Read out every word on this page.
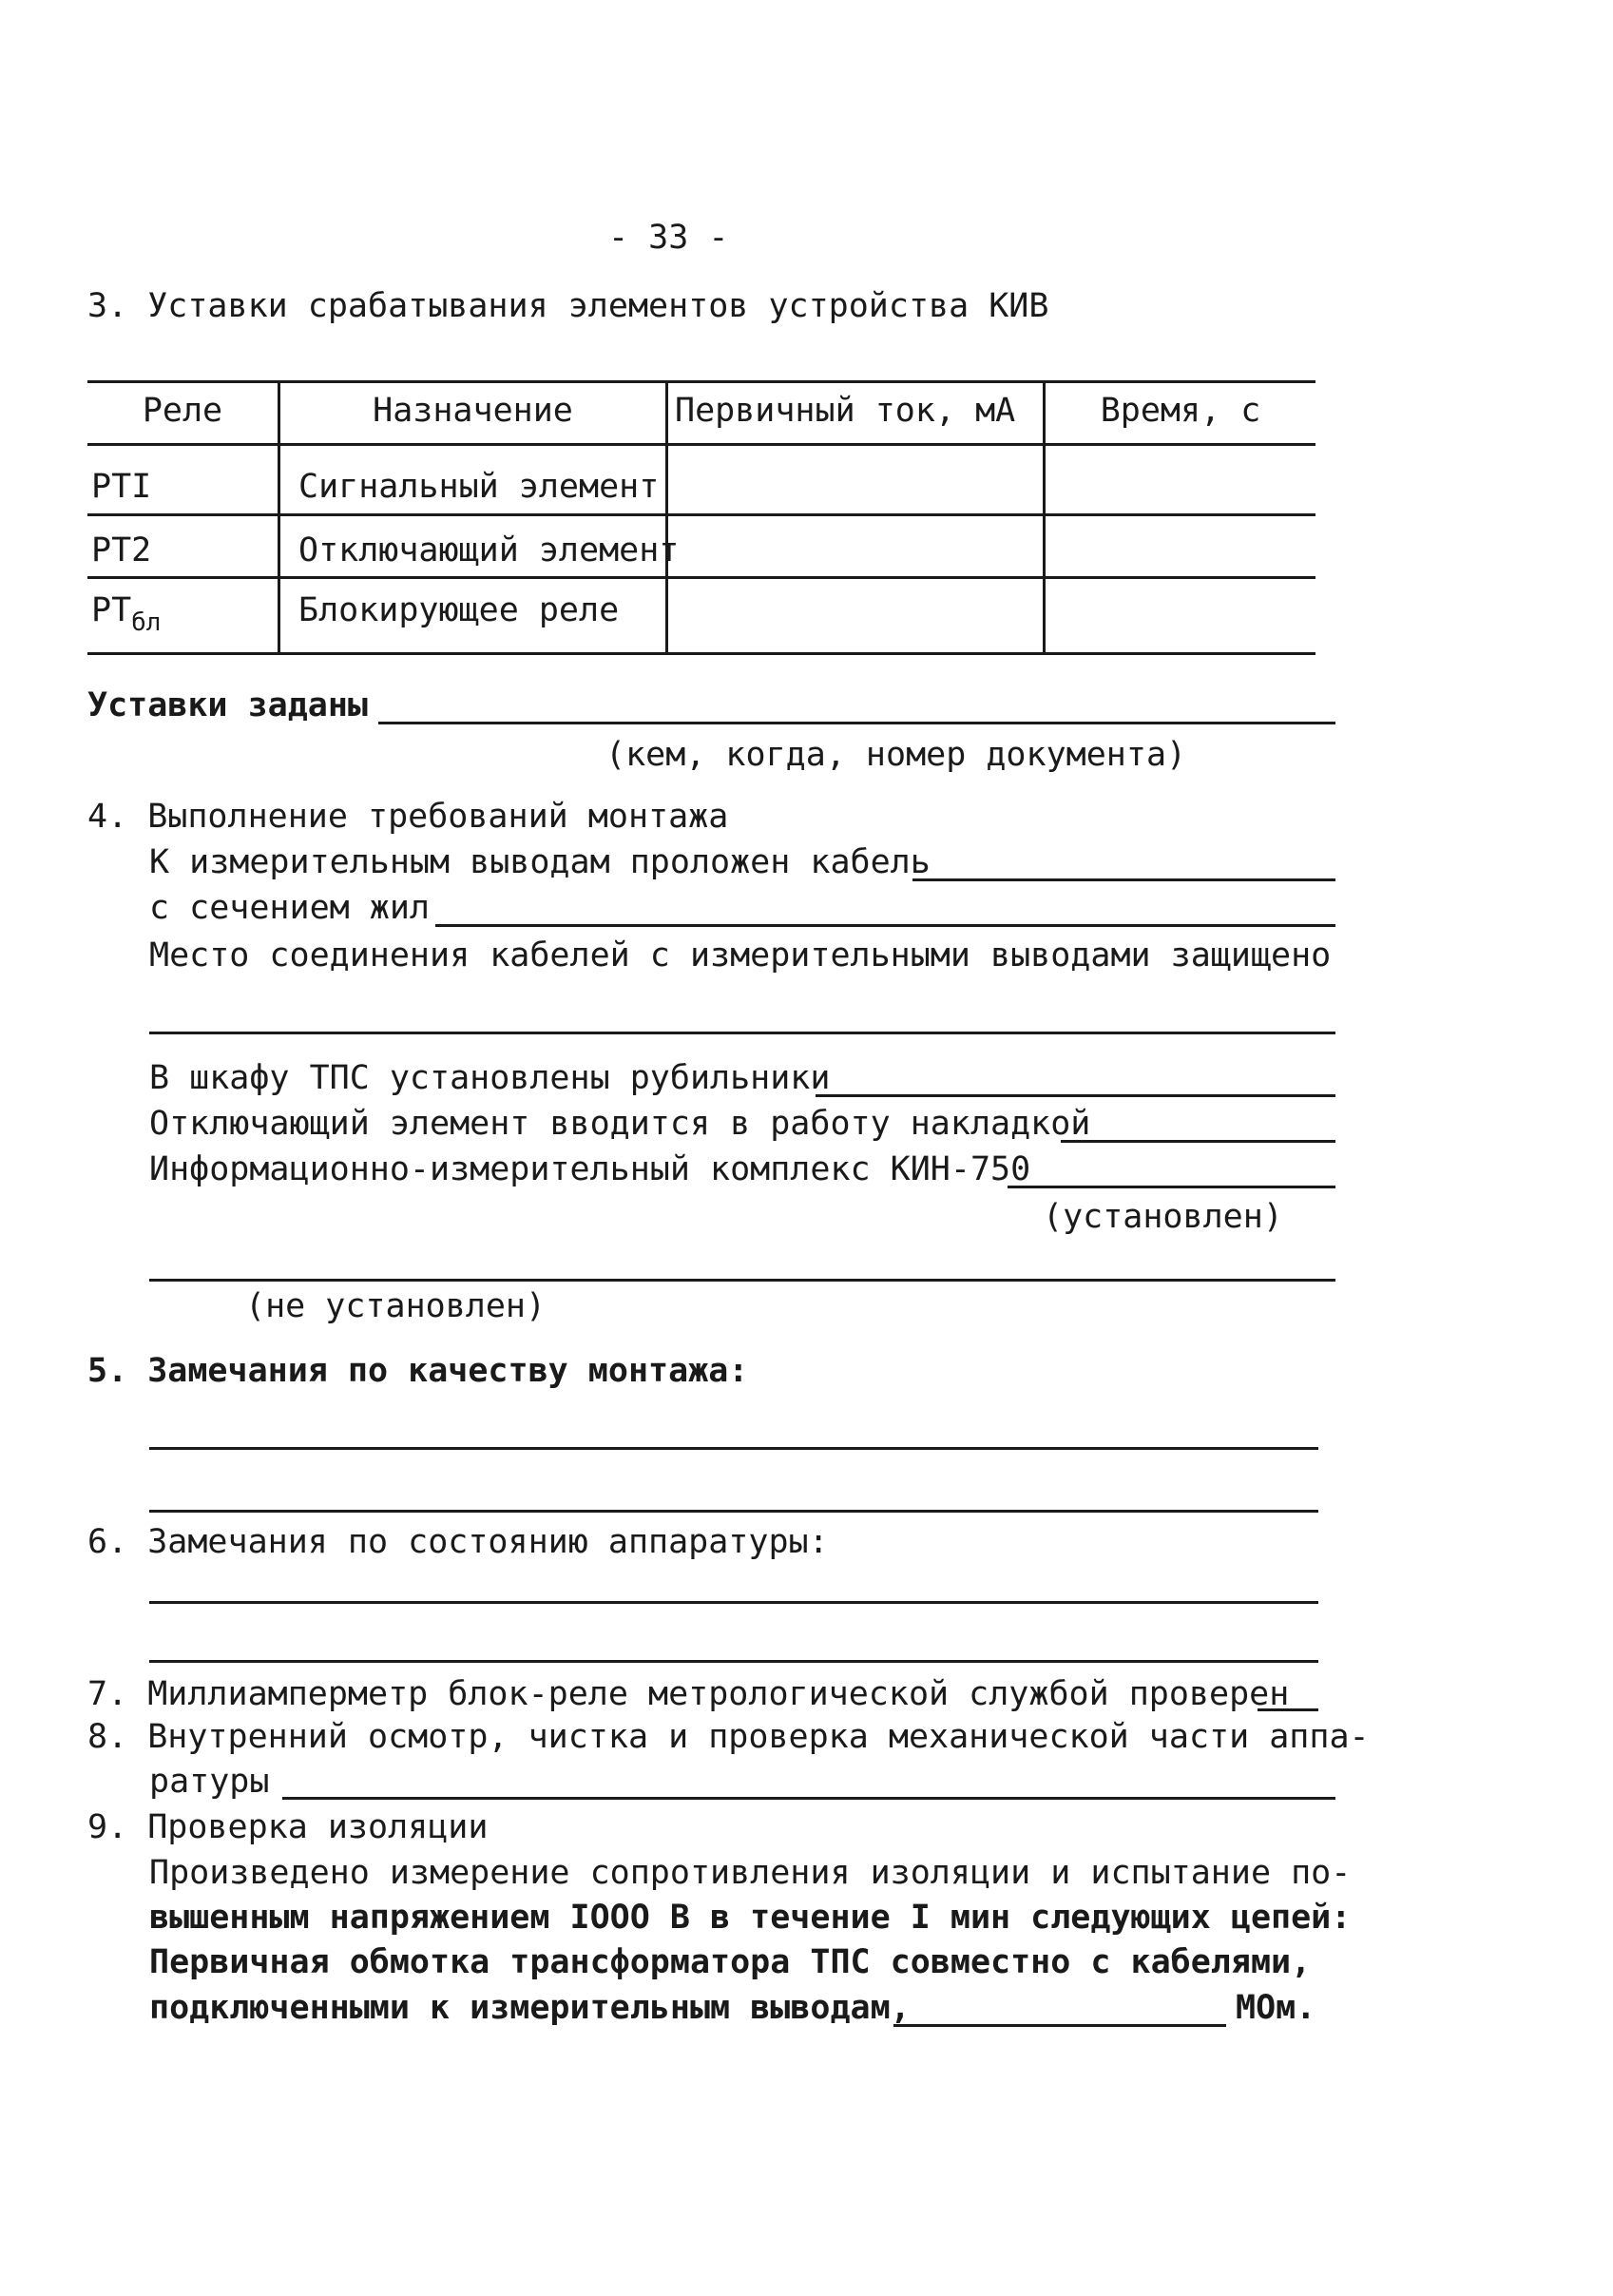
- 33 -
3. Уставки срабатывания элементов устройства КИВ
Реле	Назначение	Первичный ток, мА	Время, с
PTI	Сигнальный элемент
PT2	Отключающий элемент
$PT_{бл}$	Блокирующее реле
Уставки заданы
(кем, когда, номер документа)
4. Выполнение требований монтажа
К измерительным выводам проложен кабель
с сечением жил
Место соединения кабелей с измерительными выводами защищено
В шкафу ТПС установлены рубильники
Отключающий элемент вводится в работу накладкой
Информационно-измерительный комплекс КИН-750
(установлен)
(не установлен)
5. Замечания по качеству монтажа:
6. Замечания по состоянию аппаратуры:
7. Миллиамперметр блок-реле метрологической службой проверен
8. Внутренний осмотр, чистка и проверка механической части аппа-
ратуры
9. Проверка изоляции
Произведено измерение сопротивления изоляции и испытание по-
вышенным напряжением IOOO В в течение I мин следующих цепей:
Первичная обмотка трансформатора ТПС совместно с кабелями,
подключенными к измерительным выводам,	МОм.
